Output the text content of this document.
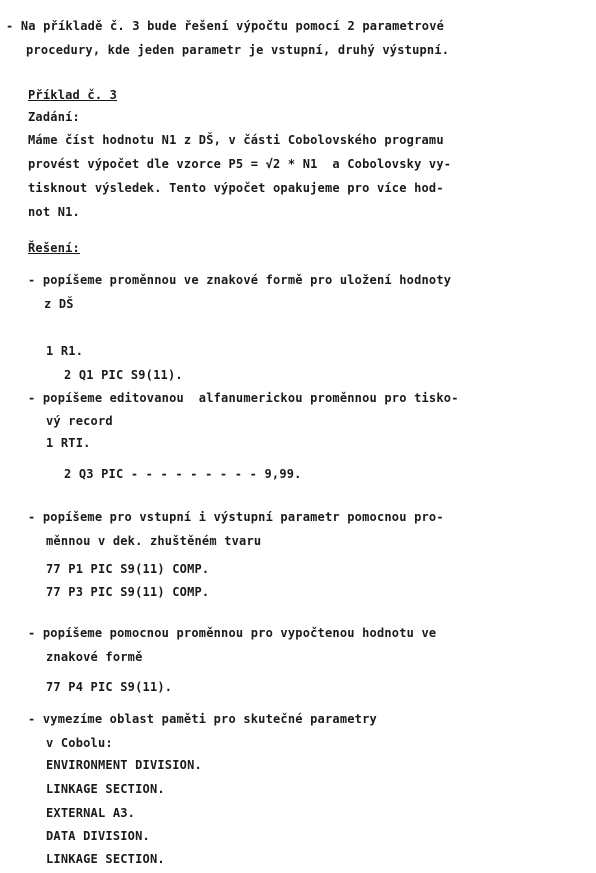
- Na příkladě č. 3 bude řešení výpočtu pomocí 2 parametrové
procedury, kde jeden parametr je vstupní, druhý výstupní.
Příklad č. 3
Zadání:
Máme číst hodnotu N1 z DŠ, v části Cobolovského programu
provést výpočet dle vzorce P5 = √2 * N1  a Cobolovsky vy-
tisknout výsledek. Tento výpočet opakujeme pro více hod-
not N1.
Řešení:
- popíšeme proměnnou ve znakové formě pro uložení hodnoty
z DŠ
1 R1.
2 Q1 PIC S9(11).
- popíšeme editovanou  alfanumerickou proměnnou pro tisko-
vý record
1 RTI.
2 Q3 PIC - - - - - - - - - 9,99.
- popíšeme pro vstupní i výstupní parametr pomocnou pro-
měnnou v dek. zhuštěném tvaru
77 P1 PIC S9(11) COMP.
77 P3 PIC S9(11) COMP.
- popíšeme pomocnou proměnnou pro vypočtenou hodnotu ve
znakové formě
77 P4 PIC S9(11).
- vymezíme oblast paměti pro skutečné parametry
v Cobolu:
ENVIRONMENT DIVISION.
LINKAGE SECTION.
EXTERNAL A3.
DATA DIVISION.
LINKAGE SECTION.
